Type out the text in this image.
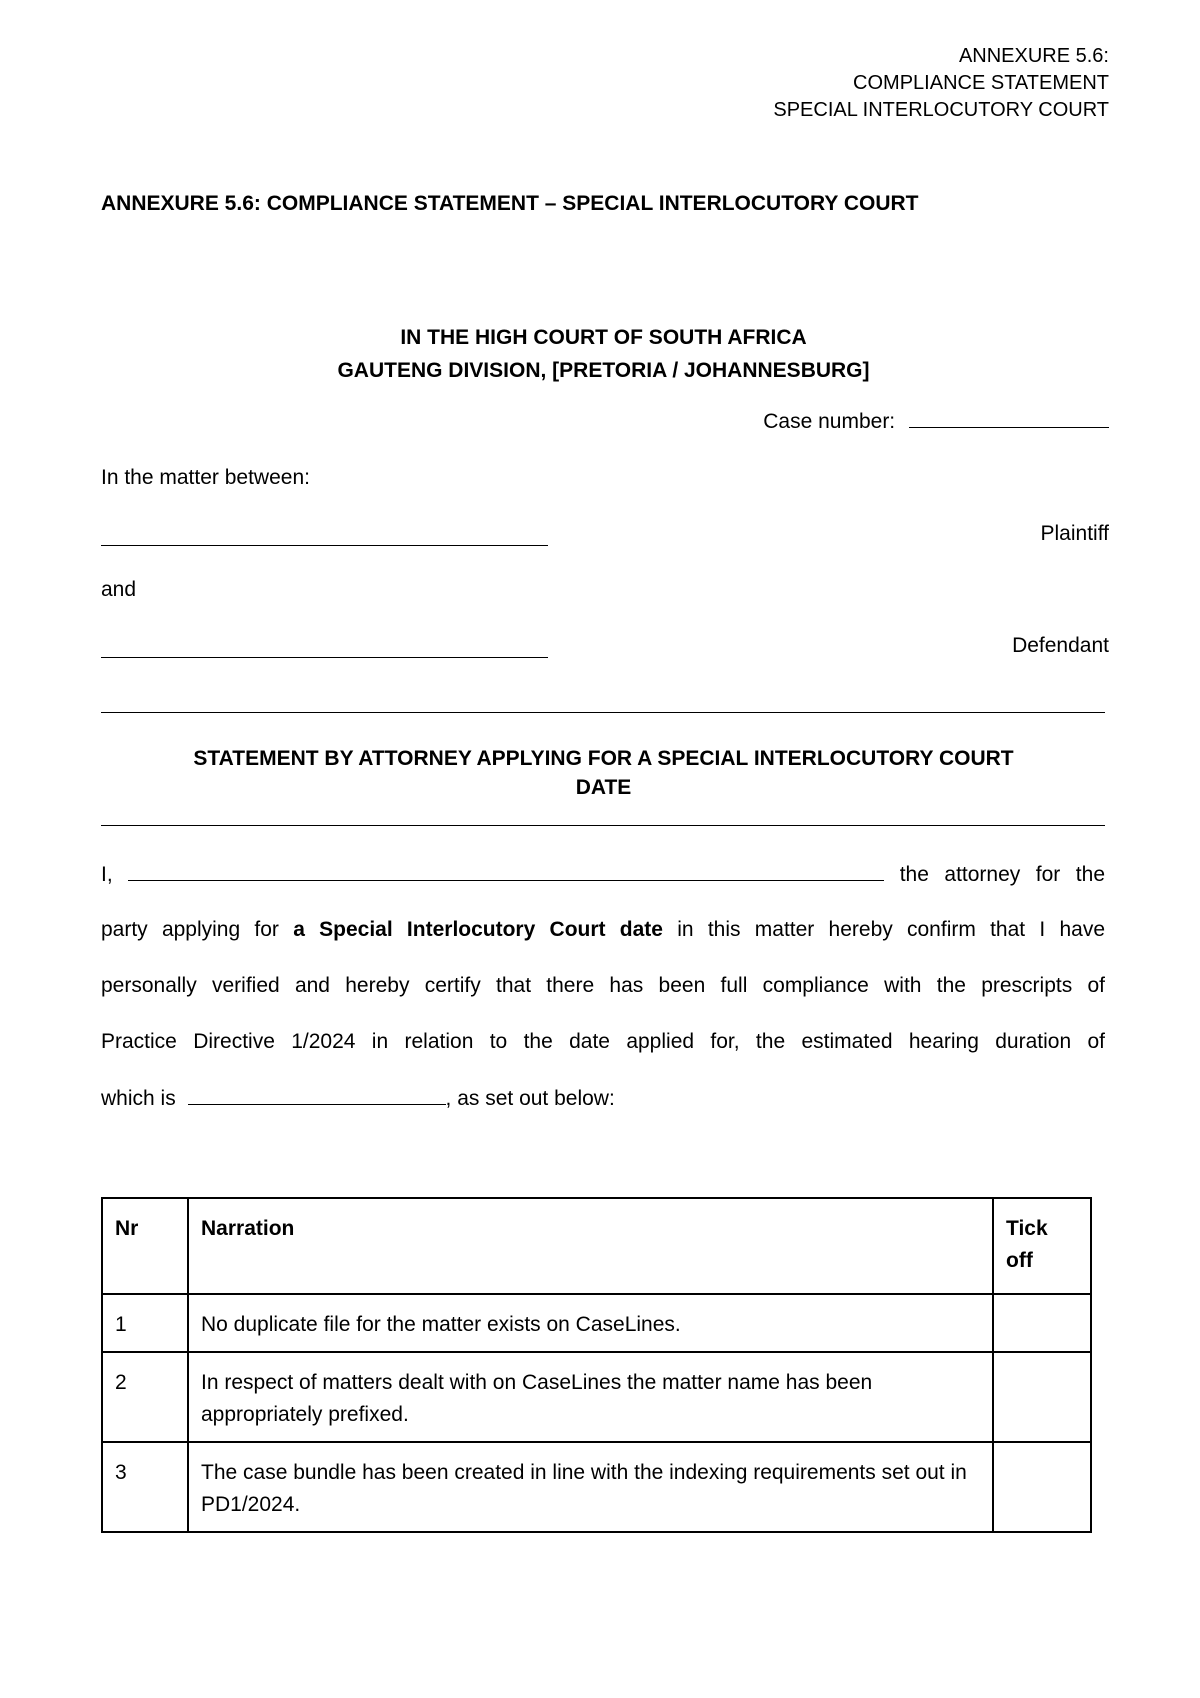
ANNEXURE 5.6:
COMPLIANCE STATEMENT
SPECIAL INTERLOCUTORY COURT
ANNEXURE 5.6: COMPLIANCE STATEMENT – SPECIAL INTERLOCUTORY COURT
IN THE HIGH COURT OF SOUTH AFRICA
GAUTENG DIVISION, [PRETORIA / JOHANNESBURG]
Case number:
In the matter between:
Plaintiff
and
Defendant
STATEMENT BY ATTORNEY APPLYING FOR A SPECIAL INTERLOCUTORY COURT
DATE
I,	the attorney for the
party applying for a Special Interlocutory Court date in this matter hereby confirm that I have
personally verified and hereby certify that there has been full compliance with the prescripts of
Practice Directive 1/2024 in relation to the date applied for, the estimated hearing duration of
which is	, as set out below:
Nr	Narration	Tick off
1	No duplicate file for the matter exists on CaseLines.	
2	In respect of matters dealt with on CaseLines the matter name has been appropriately prefixed.	
3	The case bundle has been created in line with the indexing requirements set out in PD1/2024.	
